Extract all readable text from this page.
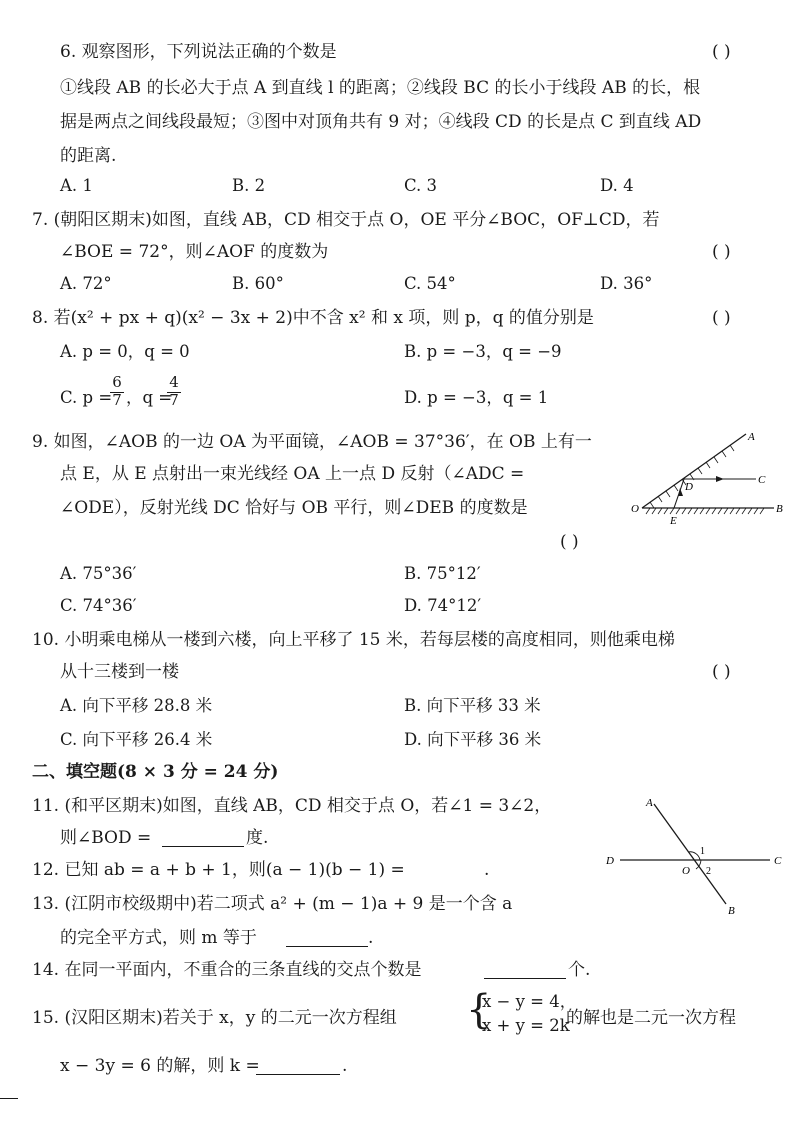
6. 观察图形，下列说法正确的个数是	( )
①线段 AB 的长必大于点 A 到直线 l 的距离；②线段 BC 的长小于线段 AB 的长，根
据是两点之间线段最短；③图中对顶角共有 9 对；④线段 CD 的长是点 C 到直线 AD
的距离.
A. 1	B. 2	C. 3	D. 4
7. (朝阳区期末)如图，直线 AB，CD 相交于点 O，OE 平分∠BOC，OF⊥CD，若
∠BOE = 72°，则∠AOF 的度数为	( )
A. 72°	B. 60°	C. 54°	D. 36°
8. 若(x² + px + q)(x² − 3x + 2)中不含 x² 和 x 项，则 p，q 的值分别是	( )
A. p = 0，q = 0	B. p = −3，q = −9
C. p =
$\frac{6}{7}$ ，q =
$\frac{4}{7}$	D. p = −3，q = 1
9. 如图，∠AOB 的一边 OA 为平面镜，∠AOB = 37°36′，在 OB 上有一
点 E，从 E 点射出一束光线经 OA 上一点 D 反射（∠ADC =
∠ODE），反射光线 DC 恰好与 OB 平行，则∠DEB 的度数是
( )
A
C
D
O
E
B
A. 75°36′	B. 75°12′
C. 74°36′	D. 74°12′
10. 小明乘电梯从一楼到六楼，向上平移了 15 米，若每层楼的高度相同，则他乘电梯
从十三楼到一楼	( )
A. 向下平移 28.8 米	B. 向下平移 33 米
C. 向下平移 26.4 米	D. 向下平移 36 米
二、填空题(8 × 3 分 = 24 分)
11. (和平区期末)如图，直线 AB，CD 相交于点 O，若∠1 = 3∠2，
则∠BOD =	度.
A
B
C
D
O
1
2
12. 已知 ab = a + b + 1，则(a − 1)(b − 1) =	.
13. (江阴市校级期中)若二项式 a² + (m − 1)a + 9 是一个含 a
的完全平方式，则 m 等于	.
14. 在同一平面内，不重合的三条直线的交点个数是	个.
15. (汉阳区期末)若关于 x，y 的二元一次方程组 {
x − y = 4，
x + y = 2k
的解也是二元一次方程
x − 3y = 6 的解，则 k =	.
